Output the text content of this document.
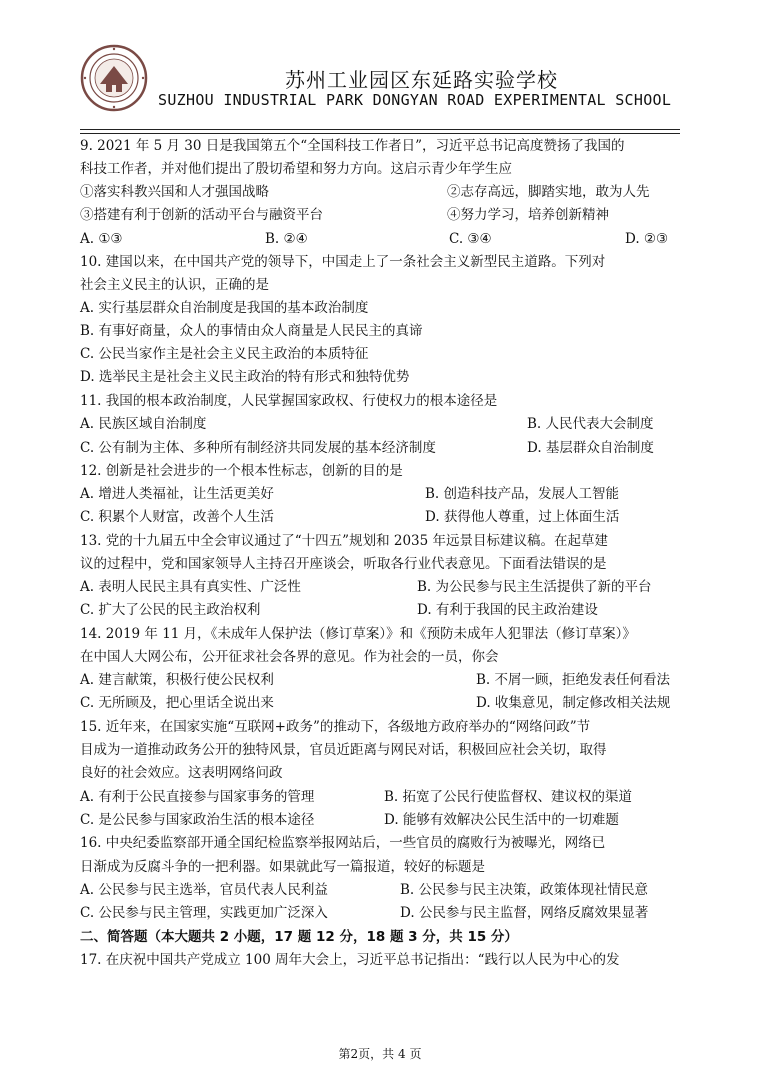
苏州工业园区东延路实验学校
SUZHOU INDUSTRIAL PARK DONGYAN ROAD EXPERIMENTAL SCHOOL
9. 2021 年 5 月 30 日是我国第五个“全国科技工作者日”，习近平总书记高度赞扬了我国的
科技工作者，并对他们提出了殷切希望和努力方向。这启示青少年学生应
①落实科教兴国和人才强国战略	②志存高远，脚踏实地，敢为人先
③搭建有利于创新的活动平台与融资平台	④努力学习，培养创新精神
A. ①③	B. ②④	C. ③④	D. ②③
10. 建国以来，在中国共产党的领导下，中国走上了一条社会主义新型民主道路。下列对
社会主义民主的认识，正确的是
A. 实行基层群众自治制度是我国的基本政治制度
B. 有事好商量，众人的事情由众人商量是人民民主的真谛
C. 公民当家作主是社会主义民主政治的本质特征
D. 选举民主是社会主义民主政治的特有形式和独特优势
11. 我国的根本政治制度，人民掌握国家政权、行使权力的根本途径是
A. 民族区域自治制度	B. 人民代表大会制度
C. 公有制为主体、多种所有制经济共同发展的基本经济制度	D. 基层群众自治制度
12. 创新是社会进步的一个根本性标志，创新的目的是
A. 增进人类福祉，让生活更美好	B. 创造科技产品，发展人工智能
C. 积累个人财富，改善个人生活	D. 获得他人尊重，过上体面生活
13. 党的十九届五中全会审议通过了“十四五”规划和 2035 年远景目标建议稿。在起草建
议的过程中，党和国家领导人主持召开座谈会，听取各行业代表意见。下面看法错误的是
A. 表明人民民主具有真实性、广泛性	B. 为公民参与民主生活提供了新的平台
C. 扩大了公民的民主政治权利	D. 有利于我国的民主政治建设
14. 2019 年 11 月，《未成年人保护法（修订草案）》和《预防未成年人犯罪法（修订草案）》
在中国人大网公布，公开征求社会各界的意见。作为社会的一员，你会
A. 建言献策，积极行使公民权利	B. 不屑一顾，拒绝发表任何看法
C. 无所顾及，把心里话全说出来	D. 收集意见，制定修改相关法规
15. 近年来，在国家实施“互联网+政务”的推动下，各级地方政府举办的“网络问政”节
目成为一道推动政务公开的独特风景，官员近距离与网民对话，积极回应社会关切，取得
良好的社会效应。这表明网络问政
A. 有利于公民直接参与国家事务的管理	B. 拓宽了公民行使监督权、建议权的渠道
C. 是公民参与国家政治生活的根本途径	D. 能够有效解决公民生活中的一切难题
16. 中央纪委监察部开通全国纪检监察举报网站后，一些官员的腐败行为被曝光，网络已
日渐成为反腐斗争的一把利器。如果就此写一篇报道，较好的标题是
A. 公民参与民主选举，官员代表人民利益	B. 公民参与民主决策，政策体现社情民意
C. 公民参与民主管理，实践更加广泛深入	D. 公民参与民主监督，网络反腐效果显著
二、简答题（本大题共 2 小题，17 题 12 分，18 题 3 分，共 15 分）
17. 在庆祝中国共产党成立 100 周年大会上，习近平总书记指出：“践行以人民为中心的发
第2页，共 4 页
